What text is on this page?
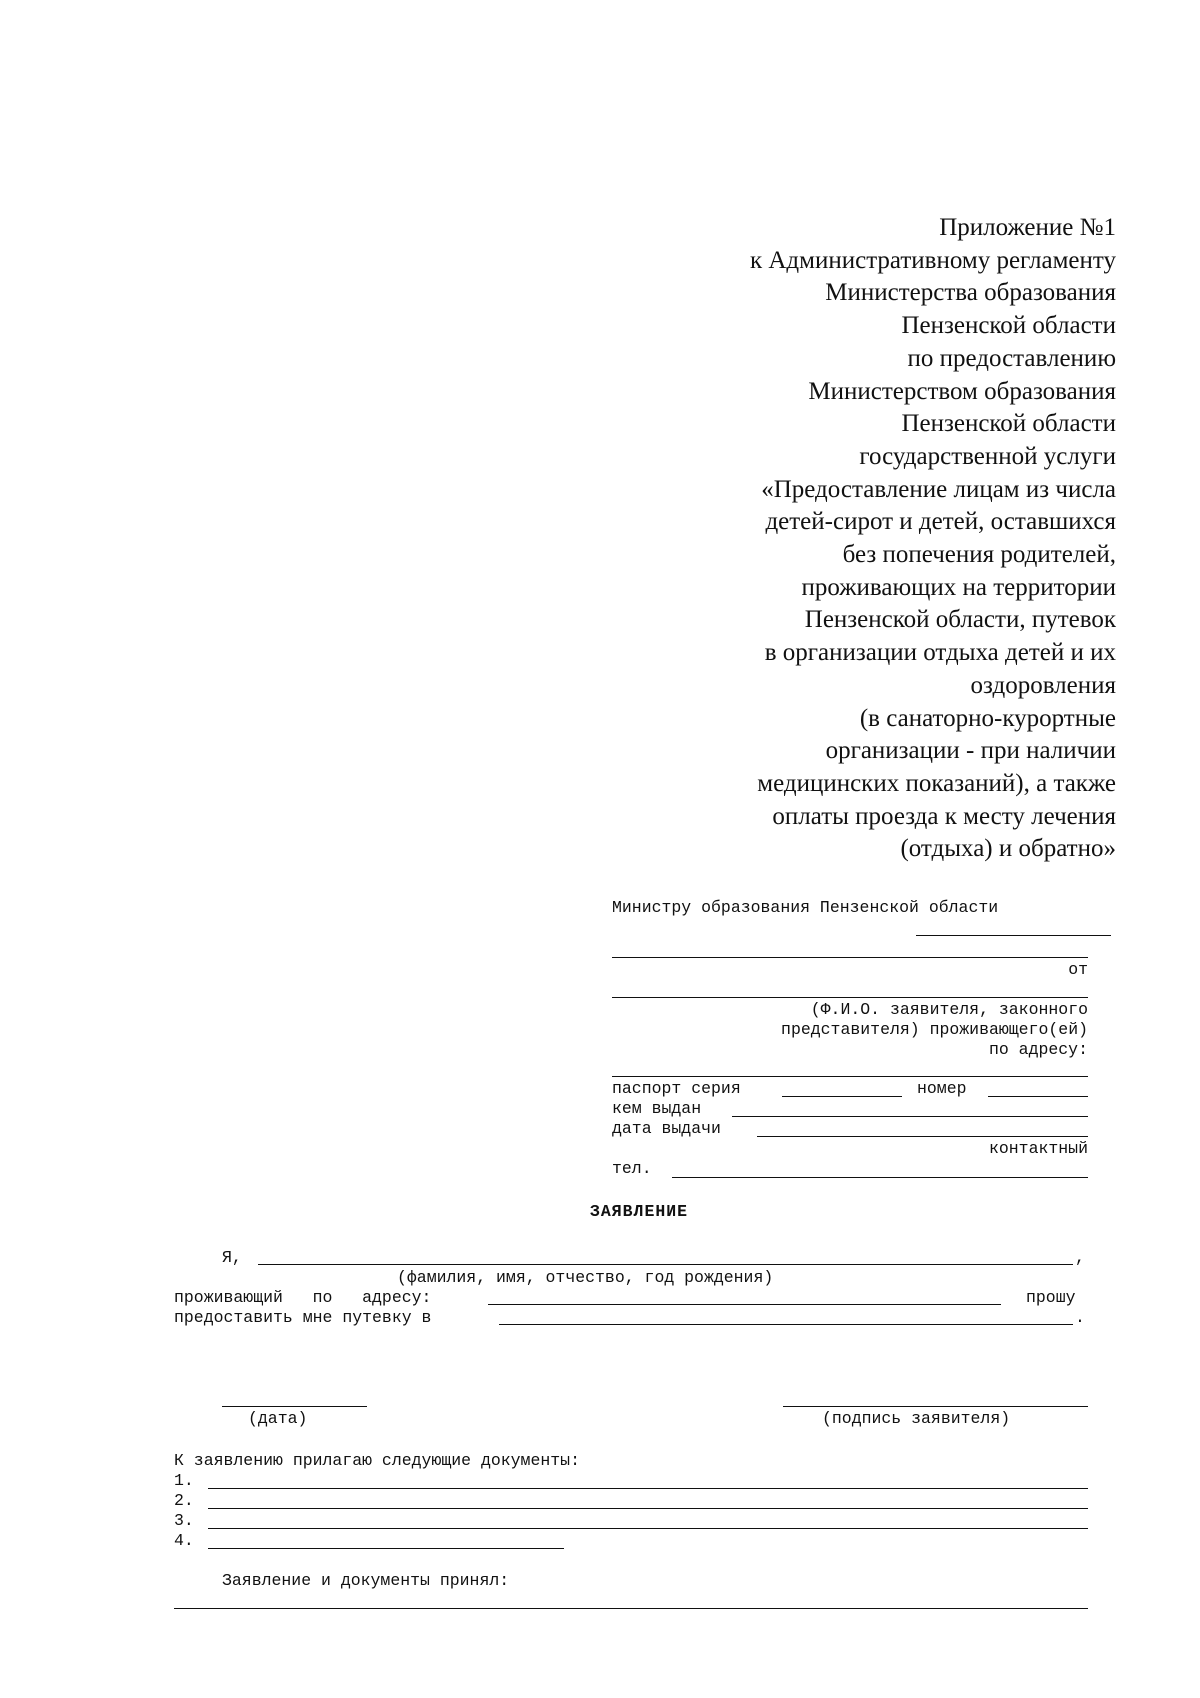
Приложение №1
к Административному регламенту
Министерства образования
Пензенской области
по предоставлению
Министерством образования
Пензенской области
государственной услуги
«Предоставление лицам из числа
детей-сирот и детей, оставшихся
без попечения родителей,
проживающих на территории
Пензенской области, путевок
в организации отдыха детей и их
оздоровления
(в санаторно-курортные
организации - при наличии
медицинских показаний), а также
оплаты проезда к месту лечения
(отдыха) и обратно»
Министру образования Пензенской области
от
(Ф.И.О. заявителя, законного
представителя) проживающего(ей)
по адресу:
паспорт серия	номер
кем выдан
дата выдачи
контактный
тел.
ЗАЯВЛЕНИЕ
Я,	,
(фамилия, имя, отчество, год рождения)
проживающий   по   адресу:	прошу
предоставить мне путевку в	.
(дата)	(подпись заявителя)
К заявлению прилагаю следующие документы:
1.
2.
3.
4.
Заявление и документы принял:
